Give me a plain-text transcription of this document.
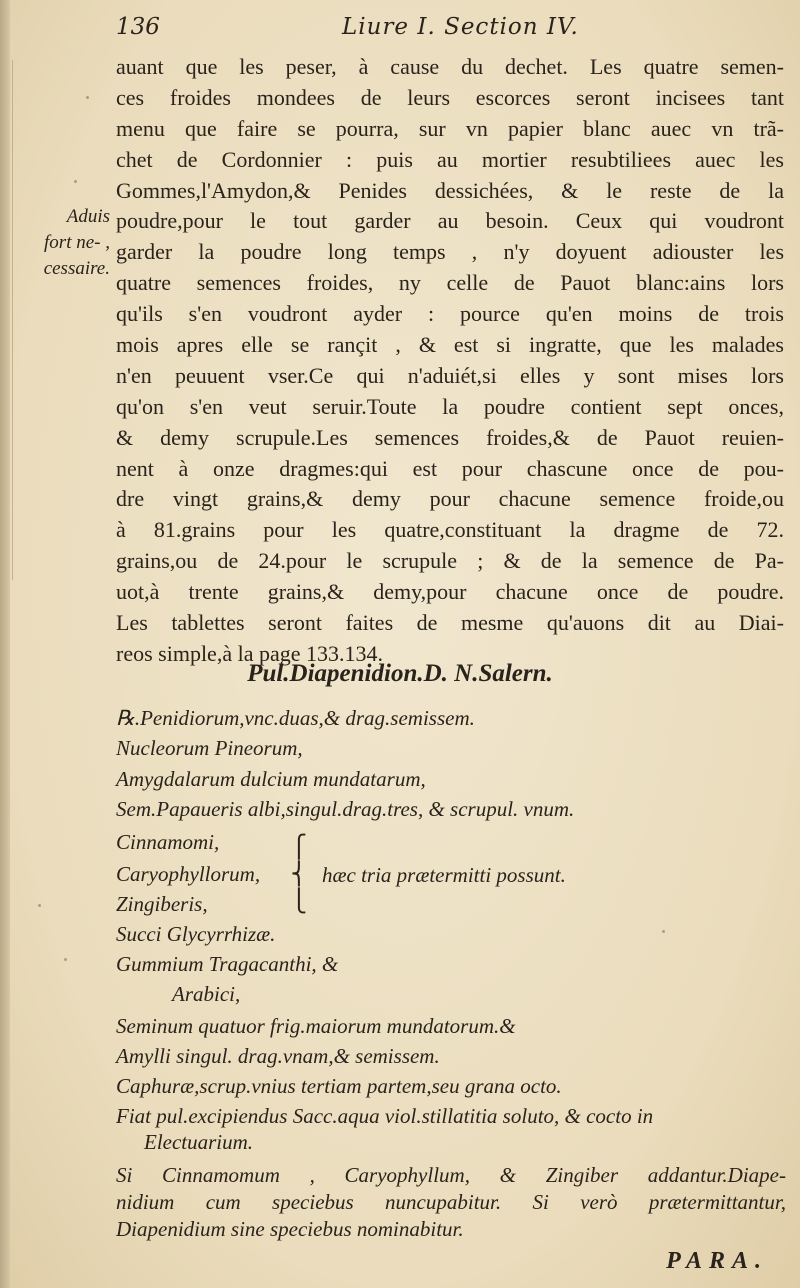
136	Liure I. Section IV.
Aduis
fort ne- ,
cessaire.
auant que les peser, à cause du dechet. Les quatre semen-
ces froides mondees de leurs escorces seront incisees tant
menu que faire se pourra, sur vn papier blanc auec vn trã-
chet de Cordonnier : puis au mortier resubtiliees auec les
Gommes,l'Amydon,& Penides dessichées, & le reste de la
poudre,pour le tout garder au besoin. Ceux qui voudront
garder la poudre long temps , n'y doyuent adiouster les
quatre semences froides, ny celle de Pauot blanc:ains lors
qu'ils s'en voudront ayder : pource qu'en moins de trois
mois apres elle se rançit , & est si ingratte, que les malades
n'en peuuent vser.Ce qui n'aduiét,si elles y sont mises lors
qu'on s'en veut seruir.Toute la poudre contient sept onces,
& demy scrupule.Les semences froides,& de Pauot reuien-
nent à onze dragmes:qui est pour chascune once de pou-
dre vingt grains,& demy pour chacune semence froide,ou
à 81.grains pour les quatre,constituant la dragme de 72.
grains,ou de 24.pour le scrupule ; & de la semence de Pa-
uot,à trente grains,& demy,pour chacune once de poudre.
Les tablettes seront faites de mesme qu'auons dit au Diai-
reos simple,à la page 133.134.
Pul.Diapenidion.D. N.Salern.
⎧
⎨
⎩
hæc tria prætermitti possunt.
Si Cinnamomum , Caryophyllum, & Zingiber addantur.Diape-
nidium cum speciebus nuncupabitur. Si verò prætermittantur,
Diapenidium sine speciebus nominabitur.
℞.Penidiorum,vnc.duas,& drag.semissem.
Nucleorum Pineorum,
Amygdalarum dulcium mundatarum,
Sem.Papaueris albi,singul.drag.tres, & scrupul. vnum.
Cinnamomi,
Caryophyllorum,
Zingiberis,
Succi Glycyrrhizæ.
Gummium Tragacanthi, &
Arabici,
Seminum quatuor frig.maiorum mundatorum.&
Amylli singul. drag.vnam,& semissem.
Caphuræ,scrup.vnius tertiam partem,seu grana octo.
Fiat pul.excipiendus Sacc.aqua viol.stillatitia soluto, & cocto in
Electuarium.
PARA.
